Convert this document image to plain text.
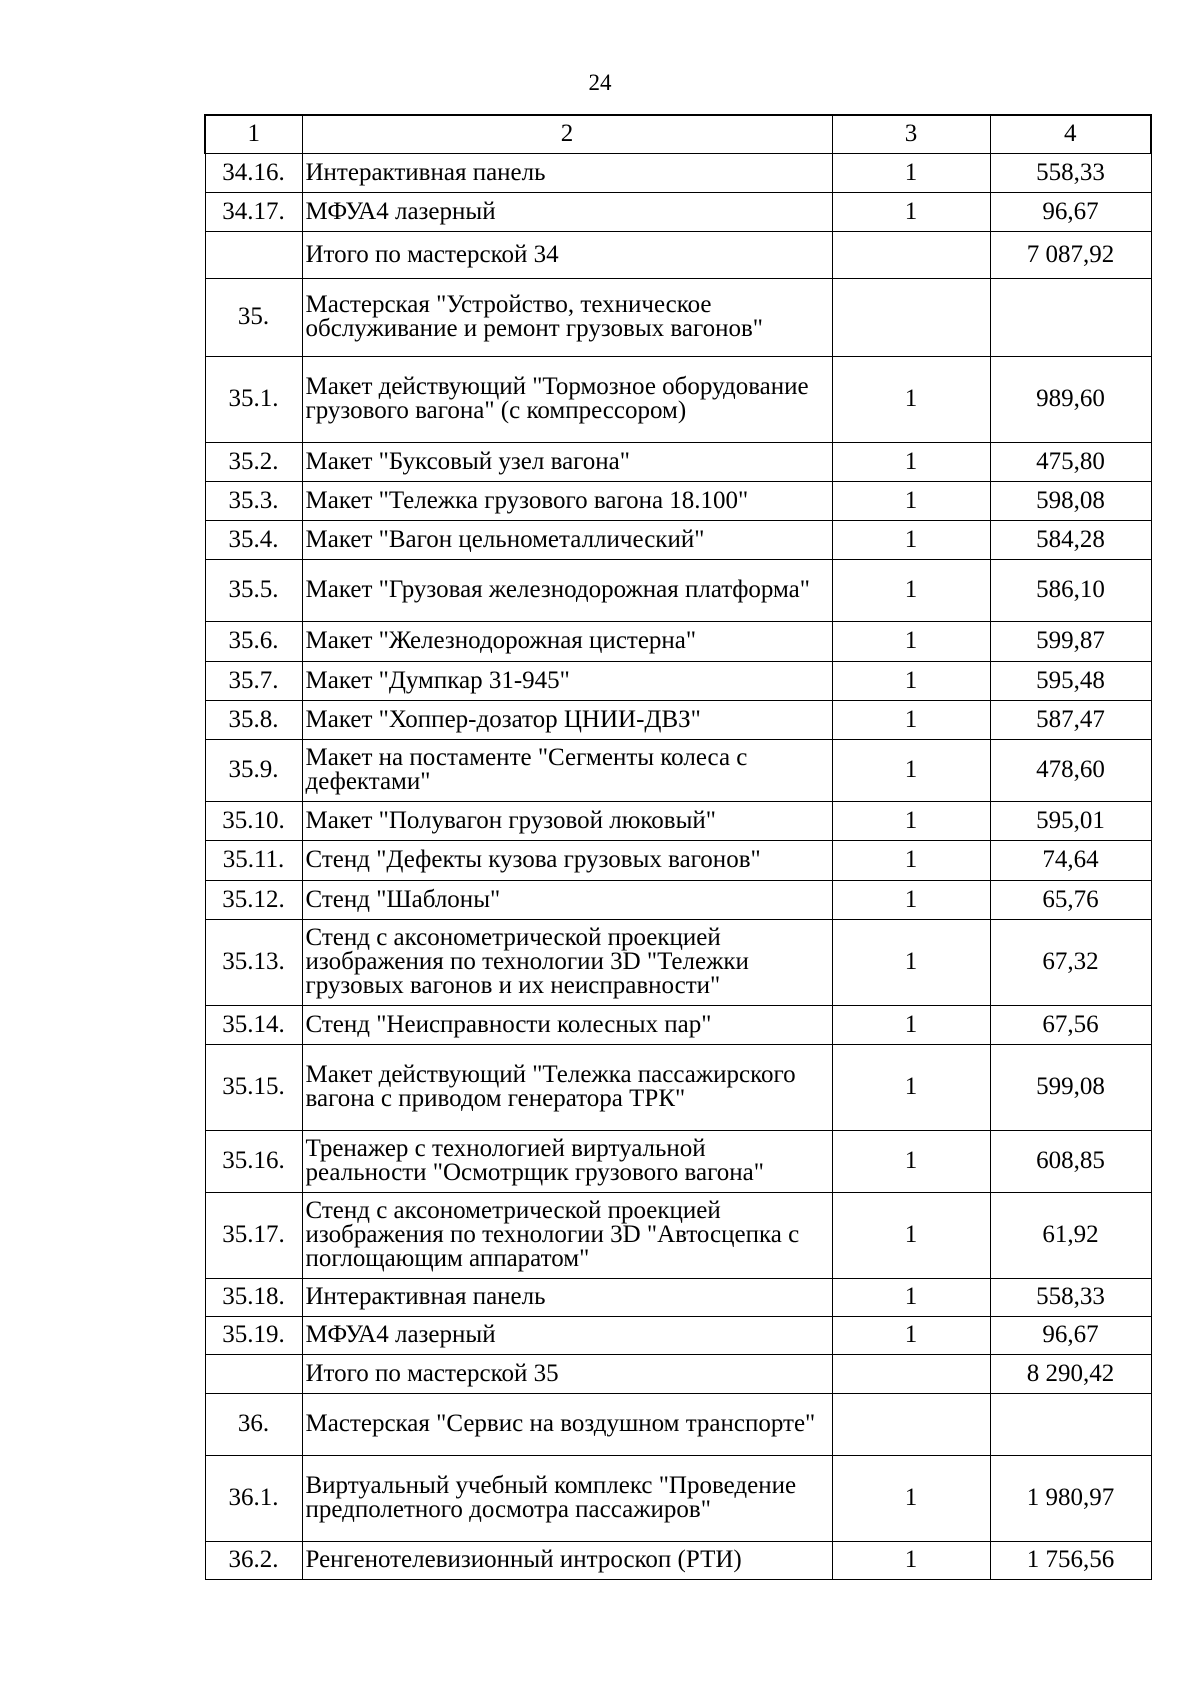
24
1	2	3	4
34.16.	Интерактивная панель	1	558,33
34.17.	МФУА4 лазерный	1	96,67
	Итого по мастерской 34		7 087,92
35.	Мастерская "Устройство, техническое обслуживание и ремонт грузовых вагонов"		
35.1.	Макет действующий "Тормозное оборудование грузового вагона" (с компрессором)	1	989,60
35.2.	Макет "Буксовый узел вагона"	1	475,80
35.3.	Макет "Тележка грузового вагона 18.100"	1	598,08
35.4.	Макет "Вагон цельнометаллический"	1	584,28
35.5.	Макет "Грузовая железнодорожная платформа"	1	586,10
35.6.	Макет "Железнодорожная цистерна"	1	599,87
35.7.	Макет "Думпкар 31-945"	1	595,48
35.8.	Макет "Хоппер-дозатор ЦНИИ-ДВЗ"	1	587,47
35.9.	Макет на постаменте "Сегменты колеса с дефектами"	1	478,60
35.10.	Макет "Полувагон грузовой люковый"	1	595,01
35.11.	Стенд "Дефекты кузова грузовых вагонов"	1	74,64
35.12.	Стенд "Шаблоны"	1	65,76
35.13.	Стенд с аксонометрической проекцией изображения по технологии 3D "Тележки грузовых вагонов и их неисправности"	1	67,32
35.14.	Стенд "Неисправности колесных пар"	1	67,56
35.15.	Макет действующий "Тележка пассажирского вагона с приводом генератора ТРК"	1	599,08
35.16.	Тренажер с технологией виртуальной реальности "Осмотрщик грузового вагона"	1	608,85
35.17.	Стенд с аксонометрической проекцией изображения по технологии 3D "Автосцепка с поглощающим аппаратом"	1	61,92
35.18.	Интерактивная панель	1	558,33
35.19.	МФУА4 лазерный	1	96,67
	Итого по мастерской 35		8 290,42
36.	Мастерская "Сервис на воздушном транспорте"		
36.1.	Виртуальный учебный комплекс "Проведение предполетного досмотра пассажиров"	1	1 980,97
36.2.	Ренгенотелевизионный интроскоп (РТИ)	1	1 756,56
